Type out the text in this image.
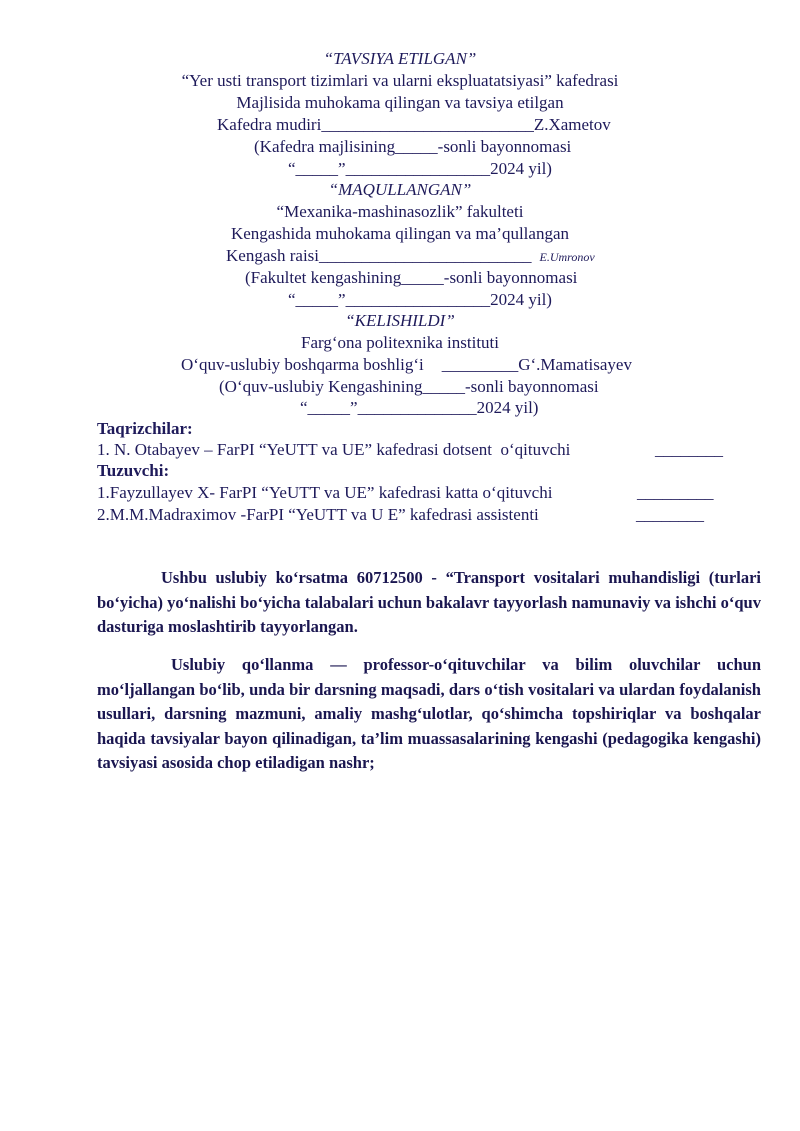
“TAVSIYA ETILGAN”
“Yer usti transport tizimlari va ularni ekspluatatsiyasi” kafedrasi
Majlisida muhokama qilingan va tavsiya etilgan
Kafedra mudiri_________________________Z.Xametov
(Kafedra majlisining_____-sonli bayonnomasi
“_____”_________________2024 yil)
“MAQULLANGAN”
“Mexanika-mashinasozlik” fakulteti
Kengashida muhokama qilingan va ma’qullangan
Kengash raisi_________________________ E.Umronov
(Fakultet kengashining_____-sonli bayonnomasi
“_____”_________________2024 yil)
“KELISHILDI”
Farg‘ona politexnika instituti
O‘quv-uslubiy boshqarma boshlig‘i _________G‘.Mamatisayev
(O‘quv-uslubiy Kengashining_____-sonli bayonnomasi
“_____”______________2024 yil)
Taqrizchilar:
1. N. Otabayev – FarPI “YeUTT va UE” kafedrasi dotsent  o‘qituvchi	________
Tuzuvchi:
1.Fayzullayev X- FarPI “YeUTT va UE” kafedrasi katta o‘qituvchi	_________
2.M.M.Madraximov -FarPI “YeUTT va U E” kafedrasi assistenti	________
Ushbu uslubiy ko‘rsatma 60712500 - “Transport vositalari muhandisligi (turlari bo‘yicha) yo‘nalishi bo‘yicha talabalari uchun bakalavr tayyorlash namunaviy va ishchi o‘quv dasturiga moslashtirib tayyorlangan.
Uslubiy qo‘llanma — professor-o‘qituvchilar va bilim oluvchilar uchun mo‘ljallangan bo‘lib, unda bir darsning maqsadi, dars o‘tish vositalari va ulardan foydalanish usullari, darsning mazmuni, amaliy mashg‘ulotlar, qo‘shimcha topshiriqlar va boshqalar haqida tavsiyalar bayon qilinadigan, ta’lim muassasalarining kengashi (pedagogika kengashi) tavsiyasi asosida chop etiladigan nashr;
